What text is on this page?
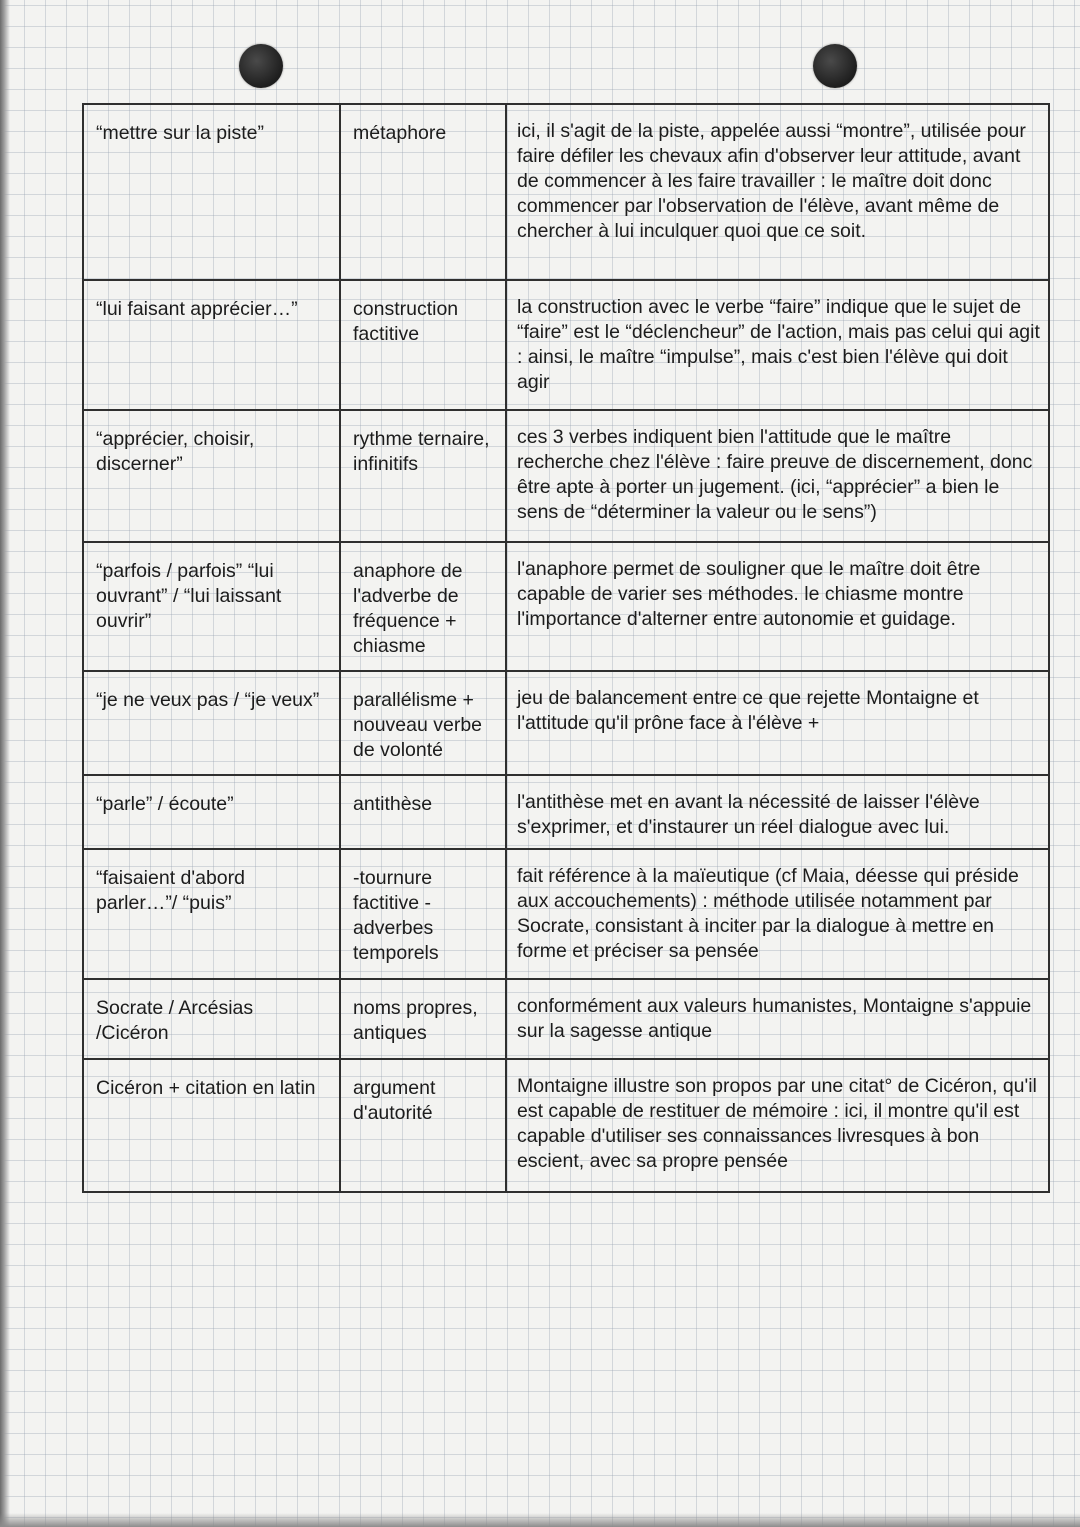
“mettre sur la piste”	métaphore	ici, il s'agit de la piste, appelée aussi “montre”, utilisée pour faire défiler les chevaux afin d'observer leur attitude, avant de commencer à les faire travailler : le maître doit donc commencer par l'observation de l'élève, avant même de chercher à lui inculquer quoi que ce soit.
“lui faisant apprécier…”	construction factitive	la construction avec le verbe “faire” indique que le sujet de “faire” est le “déclencheur” de l'action, mais pas celui qui agit : ainsi, le maître “impulse”, mais c'est bien l'élève qui doit agir
“apprécier, choisir, discerner”	rythme ternaire, infinitifs	ces 3 verbes indiquent bien l'attitude que le maître recherche chez l'élève : faire preuve de discernement, donc être apte à porter un jugement. (ici, “apprécier” a bien le sens de “déterminer la valeur ou le sens”)
“parfois / parfois” “lui ouvrant” / “lui laissant ouvrir”	anaphore de l'adverbe de fréquence + chiasme	l'anaphore permet de souligner que le maître doit être capable de varier ses méthodes. le chiasme montre l'importance d'alterner entre autonomie et guidage.
“je ne veux pas / “je veux”	parallélisme + nouveau verbe de volonté	jeu de balancement entre ce que rejette Montaigne et l'attitude qu'il prône face à l'élève +
“parle” / écoute”	antithèse	l'antithèse met en avant la nécessité de laisser l'élève s'exprimer, et d'instaurer un réel dialogue avec lui.
“faisaient d'abord parler…”/ “puis”	-tournure factitive - adverbes temporels	fait référence à la maïeutique (cf Maia, déesse qui préside aux accouchements) : méthode utilisée notamment par Socrate, consistant à inciter par la dialogue à mettre en forme et préciser sa pensée
Socrate / Arcésias /Cicéron	noms propres, antiques	conformément aux valeurs humanistes, Montaigne s'appuie sur la sagesse antique
Cicéron + citation en latin	argument d'autorité	Montaigne illustre son propos par une citat° de Cicéron, qu'il est capable de restituer de mémoire : ici, il montre qu'il est capable d'utiliser ses connaissances livresques à bon escient, avec sa propre pensée
